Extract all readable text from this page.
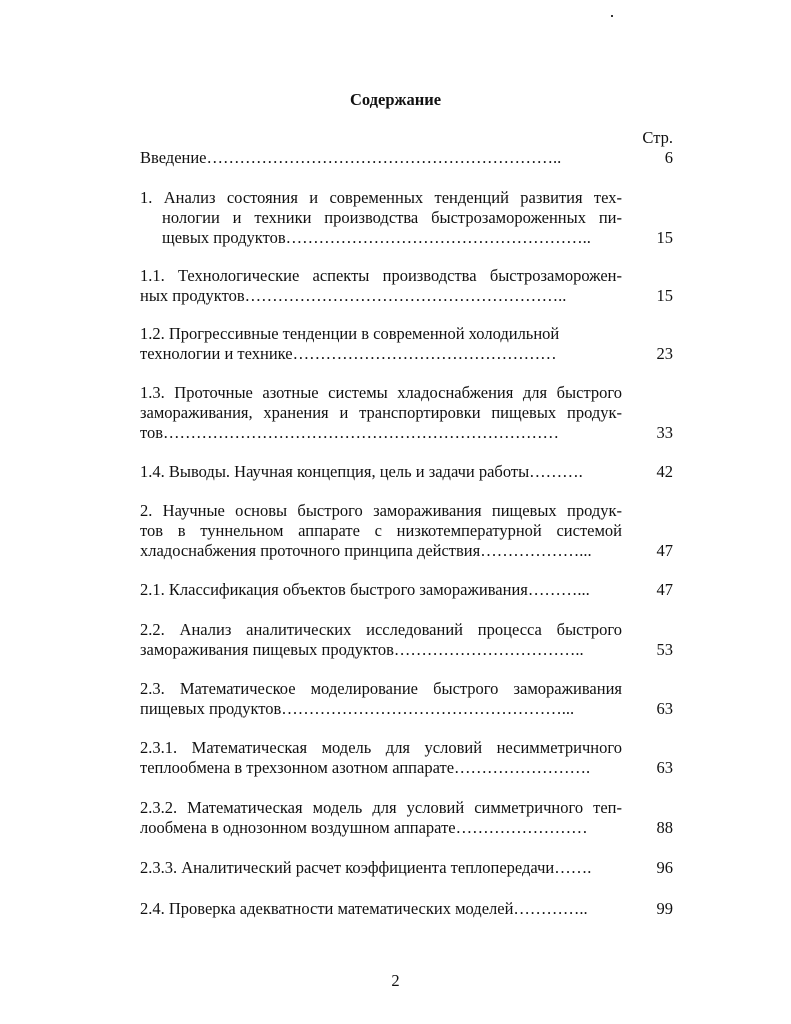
Содержание
Стр.
Введение………………………………………………………..	6
1. Анализ состояния и современных тенденций развития тех-
нологии и техники производства быстрозамороженных пи-
щевых продуктов………………………………………………..	15
1.1. Технологические аспекты производства быстрозаморожен-
ных продуктов…………………………………………………..	15
1.2. Прогрессивные тенденции в современной холодильной
технологии и технике…………………………………………	23
1.3. Проточные азотные системы хладоснабжения для быстрого
замораживания, хранения и транспортировки пищевых продук-
тов………………………………………………………………	33
1.4. Выводы. Научная концепция, цель и задачи работы……….	42
2. Научные основы быстрого замораживания пищевых продук-
тов в туннельном аппарате с низкотемпературной системой
хладоснабжения проточного принципа действия………………...	47
2.1. Классификация объектов быстрого замораживания………...	47
2.2. Анализ аналитических исследований процесса быстрого
замораживания пищевых продуктов……………………………..	53
2.3. Математическое моделирование быстрого замораживания
пищевых продуктов……………………………………………...	63
2.3.1. Математическая модель для условий несимметричного
теплообмена в трехзонном азотном аппарате…………………….	63
2.3.2. Математическая модель для условий симметричного теп-
лообмена в однозонном воздушном аппарате……………………	88
2.3.3. Аналитический расчет коэффициента теплопередачи…….	96
2.4. Проверка адекватности математических моделей…………..	99
2
